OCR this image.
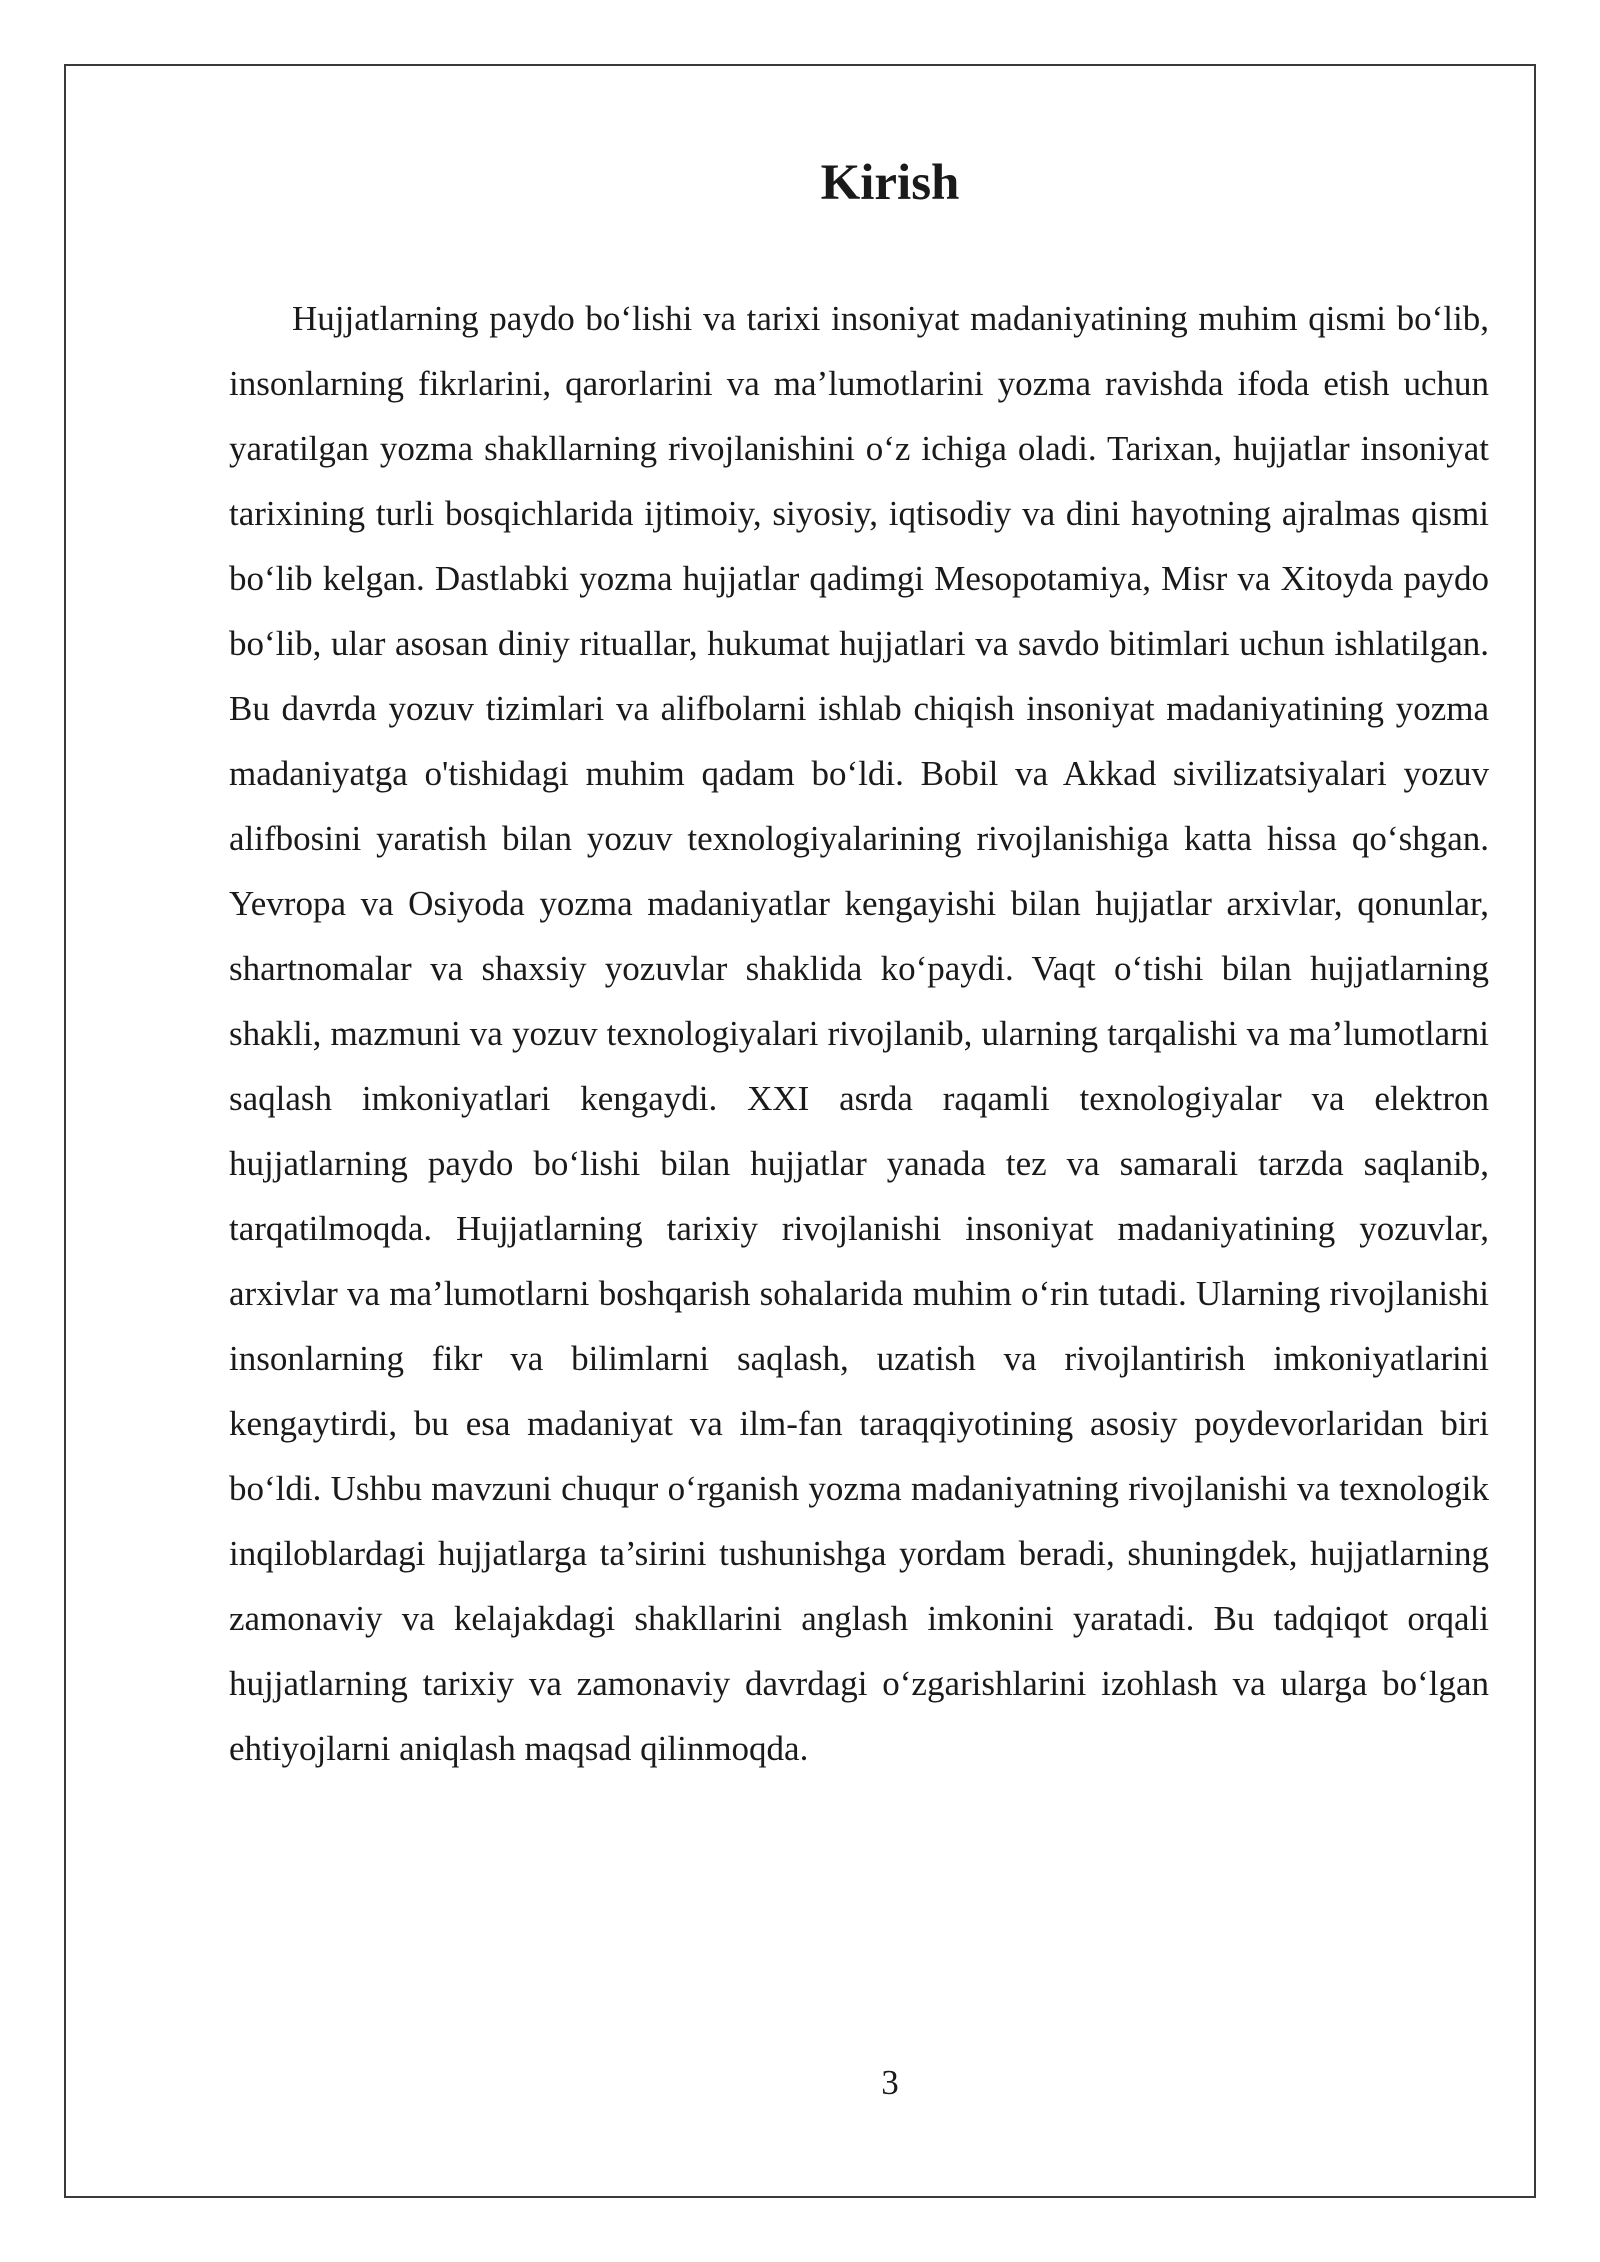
Kirish

Hujjatlarning paydo bo‘lishi va tarixi insoniyat madaniyatining muhim qismi bo‘lib, insonlarning fikrlarini, qarorlarini va ma’lumotlarini yozma ravishda ifoda etish uchun yaratilgan yozma shakllarning rivojlanishini o‘z ichiga oladi. Tarixan, hujjatlar insoniyat tarixining turli bosqichlarida ijtimoiy, siyosiy, iqtisodiy va dini hayotning ajralmas qismi bo‘lib kelgan. Dastlabki yozma hujjatlar qadimgi Mesopotamiya, Misr va Xitoyda paydo bo‘lib, ular asosan diniy rituallar, hukumat hujjatlari va savdo bitimlari uchun ishlatilgan. Bu davrda yozuv tizimlari va alifbolarni ishlab chiqish insoniyat madaniyatining yozma madaniyatga o'tishidagi muhim qadam bo‘ldi. Bobil va Akkad sivilizatsiyalari yozuv alifbosini yaratish bilan yozuv texnologiyalarining rivojlanishiga katta hissa qo‘shgan. Yevropa va Osiyoda yozma madaniyatlar kengayishi bilan hujjatlar arxivlar, qonunlar, shartnomalar va shaxsiy yozuvlar shaklida ko‘paydi. Vaqt o‘tishi bilan hujjatlarning shakli, mazmuni va yozuv texnologiyalari rivojlanib, ularning tarqalishi va ma’lumotlarni saqlash imkoniyatlari kengaydi. XXI asrda raqamli texnologiyalar va elektron hujjatlarning paydo bo‘lishi bilan hujjatlar yanada tez va samarali tarzda saqlanib, tarqatilmoqda. Hujjatlarning tarixiy rivojlanishi insoniyat madaniyatining yozuvlar, arxivlar va ma’lumotlarni boshqarish sohalarida muhim o‘rin tutadi. Ularning rivojlanishi insonlarning fikr va bilimlarni saqlash, uzatish va rivojlantirish imkoniyatlarini kengaytirdi, bu esa madaniyat va ilm-fan taraqqiyotining asosiy poydevorlaridan biri bo‘ldi. Ushbu mavzuni chuqur o‘rganish yozma madaniyatning rivojlanishi va texnologik inqiloblardagi hujjatlarga ta’sirini tushunishga yordam beradi, shuningdek, hujjatlarning zamonaviy va kelajakdagi shakllarini anglash imkonini yaratadi. Bu tadqiqot orqali hujjatlarning tarixiy va zamonaviy davrdagi o‘zgarishlarini izohlash va ularga bo‘lgan ehtiyojlarni aniqlash maqsad qilinmoqda.

3
